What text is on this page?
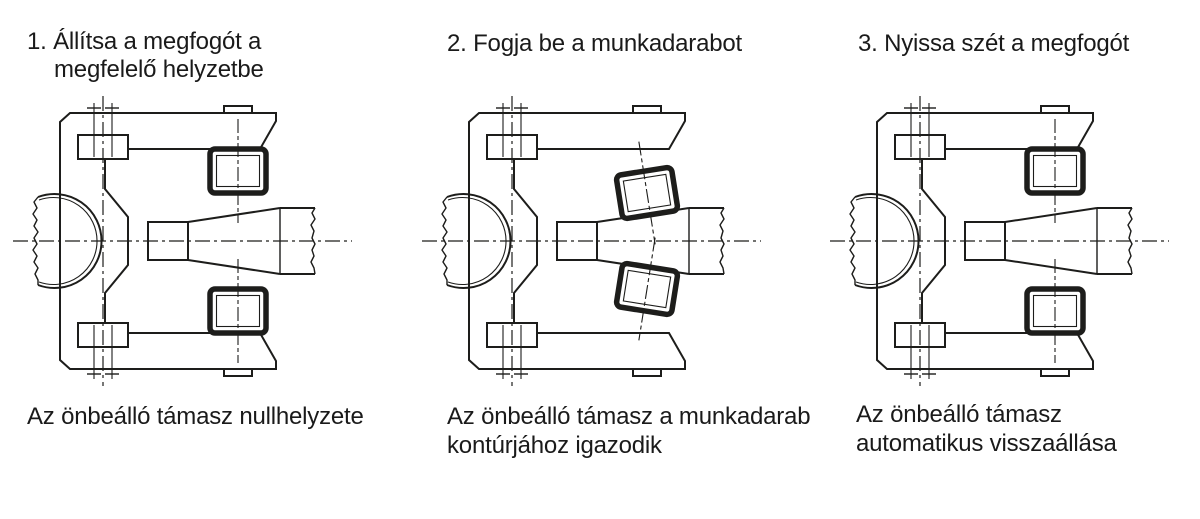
1. Állítsa a megfogót a
megfelelő helyzetbe
Az önbeálló támasz nullhelyzete
2. Fogja be a munkadarabot
Az önbeálló támasz a munkadarab
kontúrjához igazodik
3. Nyissa szét a megfogót
Az önbeálló támasz
automatikus visszaállása
